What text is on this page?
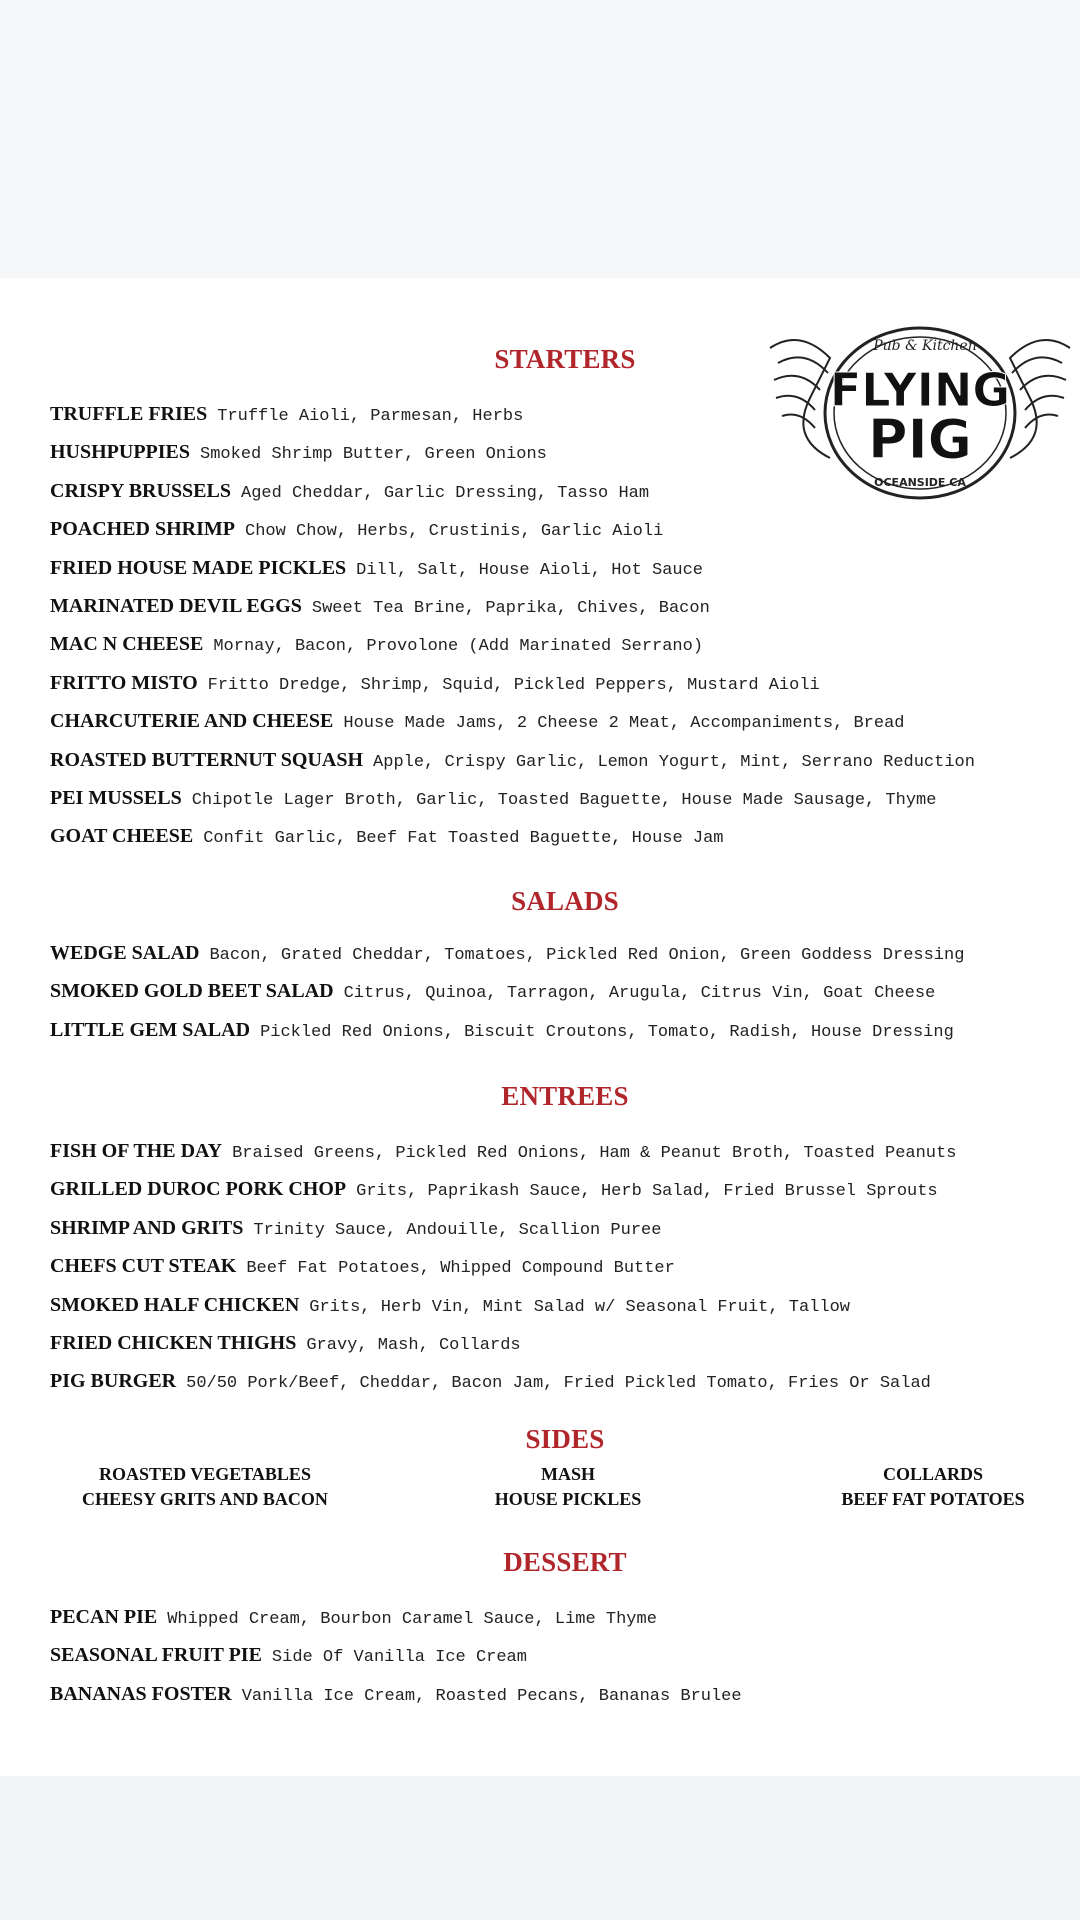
Pub & Kitchen
FLYING
PIG
OCEANSIDE CA
STARTERS
TRUFFLE FRIES Truffle Aioli, Parmesan, Herbs
HUSHPUPPIES Smoked Shrimp Butter, Green Onions
CRISPY BRUSSELS Aged Cheddar, Garlic Dressing, Tasso Ham
POACHED SHRIMP Chow Chow, Herbs, Crustinis, Garlic Aioli
FRIED HOUSE MADE PICKLES Dill, Salt, House Aioli, Hot Sauce
MARINATED DEVIL EGGS Sweet Tea Brine, Paprika, Chives, Bacon
MAC N CHEESE Mornay, Bacon, Provolone (Add Marinated Serrano)
FRITTO MISTO Fritto Dredge, Shrimp, Squid, Pickled Peppers, Mustard Aioli
CHARCUTERIE AND CHEESE House Made Jams, 2 Cheese 2 Meat, Accompaniments, Bread
ROASTED BUTTERNUT SQUASH Apple, Crispy Garlic, Lemon Yogurt, Mint, Serrano Reduction
PEI MUSSELS Chipotle Lager Broth, Garlic, Toasted Baguette, House Made Sausage, Thyme
GOAT CHEESE Confit Garlic, Beef Fat Toasted Baguette, House Jam
SALADS
WEDGE SALAD Bacon, Grated Cheddar, Tomatoes, Pickled Red Onion, Green Goddess Dressing
SMOKED GOLD BEET SALAD Citrus, Quinoa, Tarragon, Arugula, Citrus Vin, Goat Cheese
LITTLE GEM SALAD Pickled Red Onions, Biscuit Croutons, Tomato, Radish, House Dressing
ENTREES
FISH OF THE DAY Braised Greens, Pickled Red Onions, Ham & Peanut Broth, Toasted Peanuts
GRILLED DUROC PORK CHOP Grits, Paprikash Sauce, Herb Salad, Fried Brussel Sprouts
SHRIMP AND GRITS Trinity Sauce, Andouille, Scallion Puree
CHEFS CUT STEAK Beef Fat Potatoes, Whipped Compound Butter
SMOKED HALF CHICKEN Grits, Herb Vin, Mint Salad w/ Seasonal Fruit, Tallow
FRIED CHICKEN THIGHS Gravy, Mash, Collards
PIG BURGER 50/50 Pork/Beef, Cheddar, Bacon Jam, Fried Pickled Tomato, Fries Or Salad
SIDES
ROASTED VEGETABLES
CHEESY GRITS AND BACON
MASH
HOUSE PICKLES
COLLARDS
BEEF FAT POTATOES
DESSERT
PECAN PIE Whipped Cream, Bourbon Caramel Sauce, Lime Thyme
SEASONAL FRUIT PIE Side Of Vanilla Ice Cream
BANANAS FOSTER Vanilla Ice Cream, Roasted Pecans, Bananas Brulee
